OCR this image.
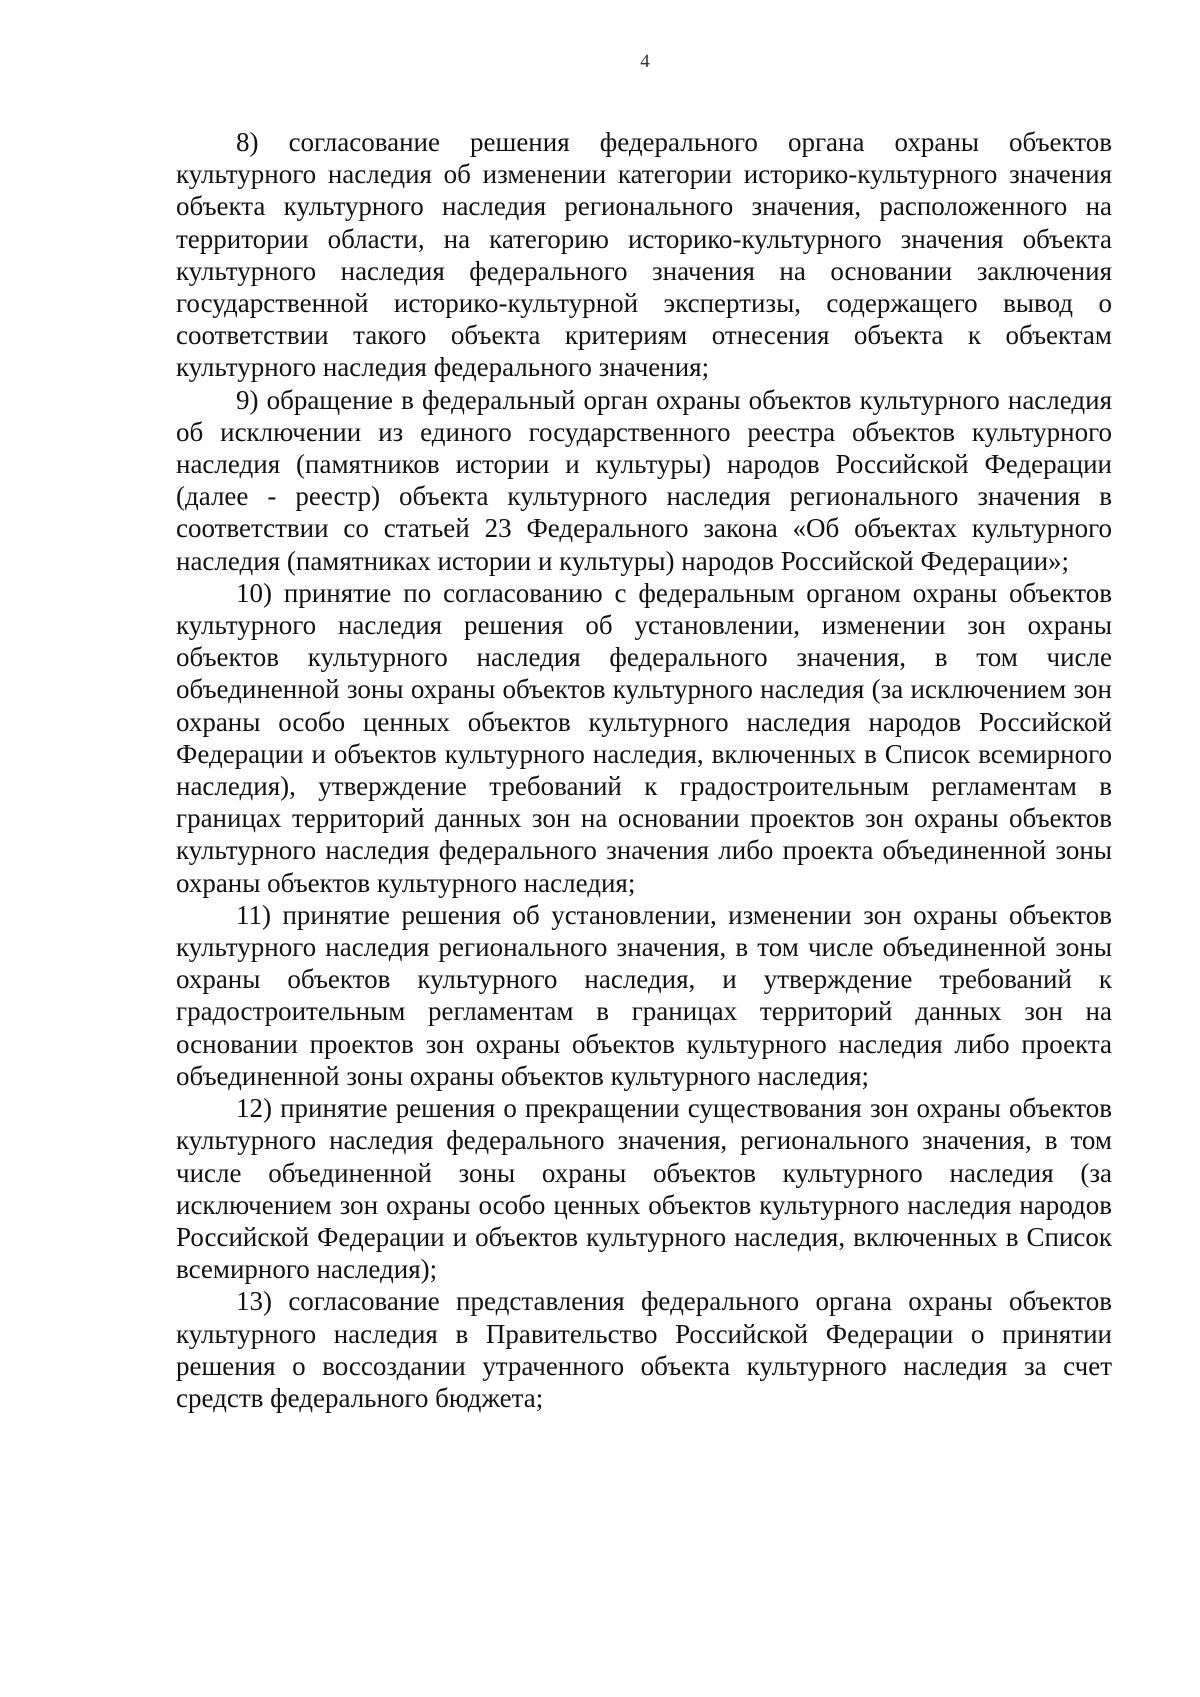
4

8) согласование решения федерального органа охраны объектов культурного наследия об изменении категории историко-культурного значения объекта культурного наследия регионального значения, расположенного на территории области, на категорию историко-культурного значения объекта культурного наследия федерального значения на основании заключения государственной историко-культурной экспертизы, содержащего вывод о соответствии такого объекта критериям отнесения объекта к объектам культурного наследия федерального значения;

9) обращение в федеральный орган охраны объектов культурного наследия об исключении из единого государственного реестра объектов культурного наследия (памятников истории и культуры) народов Российской Федерации (далее - реестр) объекта культурного наследия регионального значения в соответствии со статьей 23 Федерального закона «Об объектах культурного наследия (памятниках истории и культуры) народов Российской Федерации»;

10) принятие по согласованию с федеральным органом охраны объектов культурного наследия решения об установлении, изменении зон охраны объектов культурного наследия федерального значения, в том числе объединенной зоны охраны объектов культурного наследия (за исключением зон охраны особо ценных объектов культурного наследия народов Российской Федерации и объектов культурного наследия, включенных в Список всемирного наследия), утверждение требований к градостроительным регламентам в границах территорий данных зон на основании проектов зон охраны объектов культурного наследия федерального значения либо проекта объединенной зоны охраны объектов культурного наследия;

11) принятие решения об установлении, изменении зон охраны объектов культурного наследия регионального значения, в том числе объединенной зоны охраны объектов культурного наследия, и утверждение требований к градостроительным регламентам в границах территорий данных зон на основании проектов зон охраны объектов культурного наследия либо проекта объединенной зоны охраны объектов культурного наследия;

12) принятие решения о прекращении существования зон охраны объектов культурного наследия федерального значения, регионального значения, в том числе объединенной зоны охраны объектов культурного наследия (за исключением зон охраны особо ценных объектов культурного наследия народов Российской Федерации и объектов культурного наследия, включенных в Список всемирного наследия);

13) согласование представления федерального органа охраны объектов культурного наследия в Правительство Российской Федерации о принятии решения о воссоздании утраченного объекта культурного наследия за счет средств федерального бюджета;
